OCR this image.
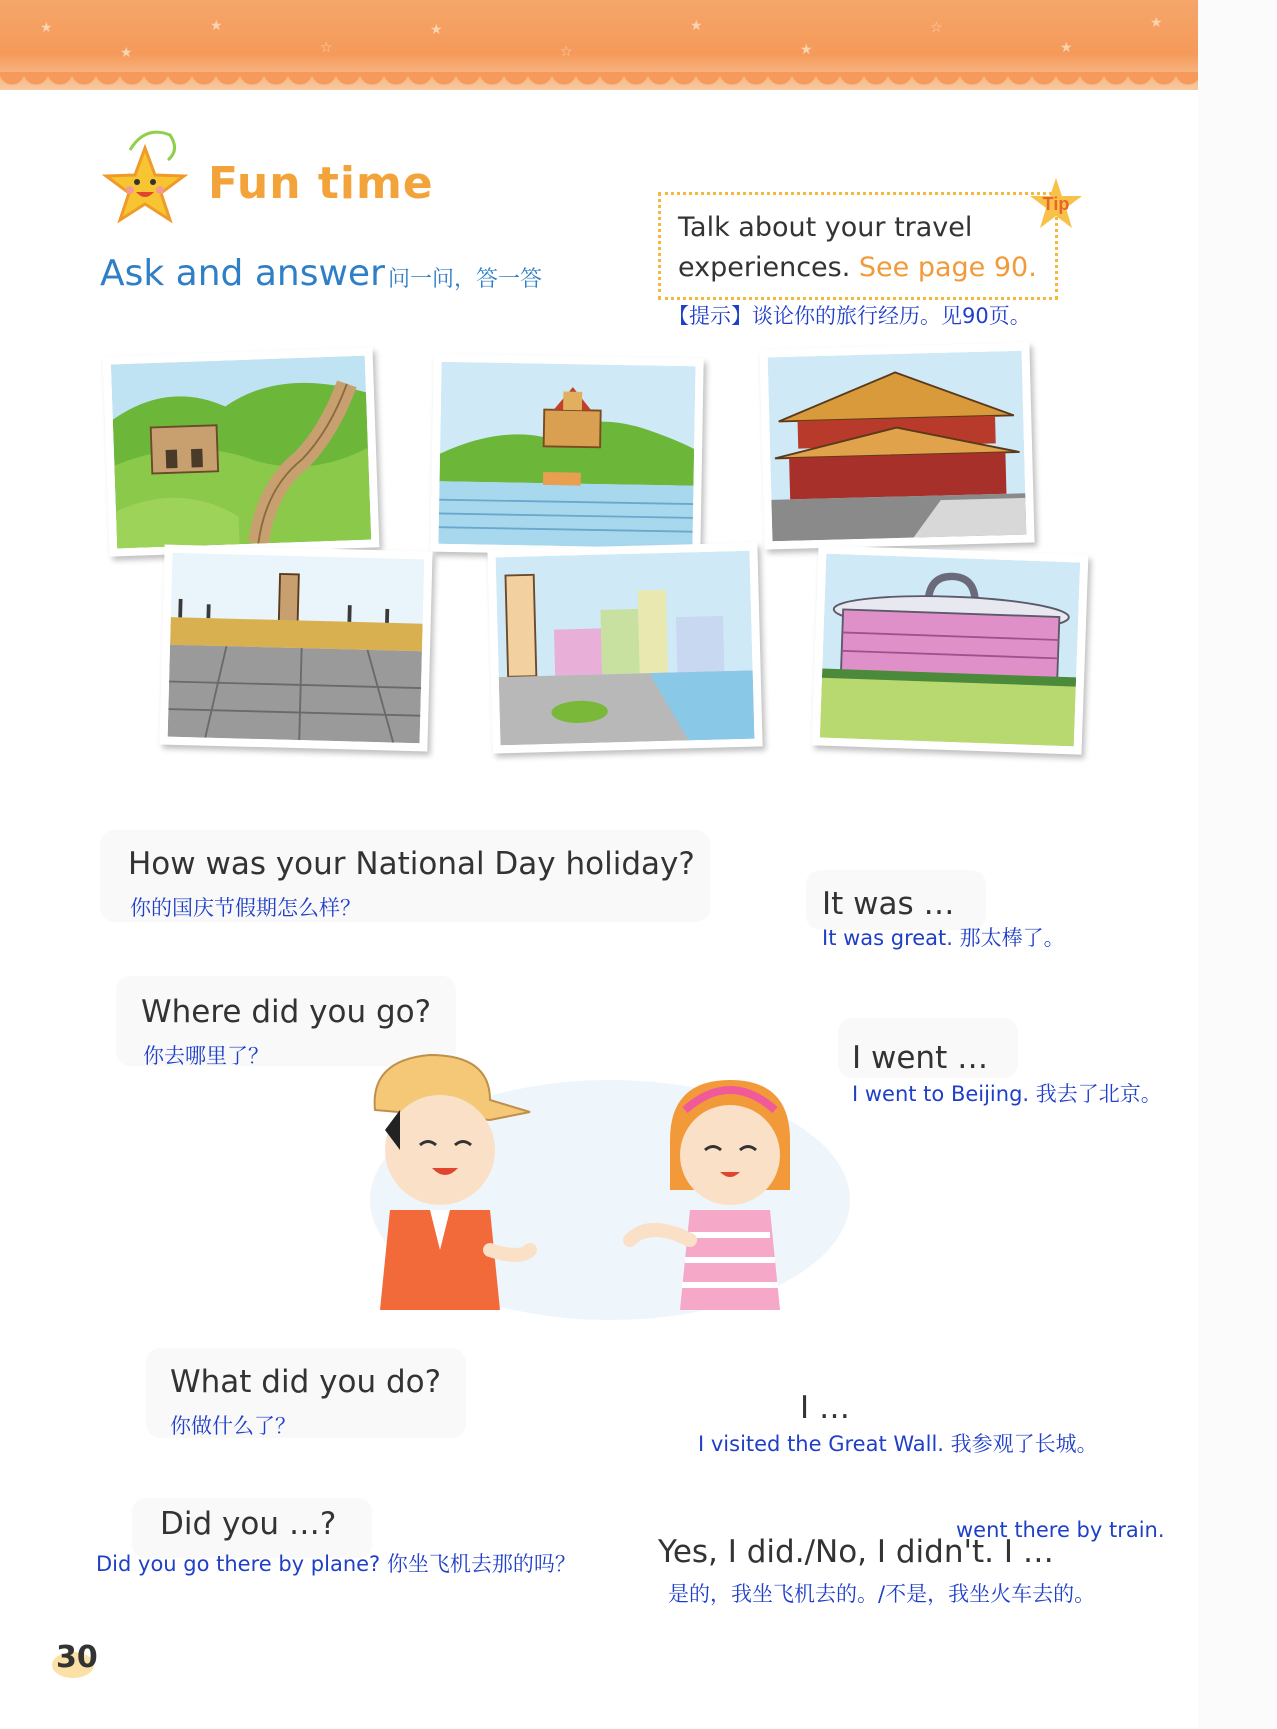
★
★
★
☆
★
☆
★
★
☆
★
★
Fun time
Ask and answer 问一问，答一答
Talk about your travel
experiences. See page 90.
Tip
【提示】谈论你的旅行经历。见90页。
How was your National Day holiday?
你的国庆节假期怎么样？	It was …
It was great. 那太棒了。
Where did you go?
你去哪里了？	I went …
I went to Beijing. 我去了北京。
What did you do?
你做什么了？	I …
I visited the Great Wall. 我参观了长城。
Did you …?
Did you go there by plane? 你坐飞机去那的吗？
went there by train.
Yes, I did./No, I didn't. I …
是的，我坐飞机去的。/不是，我坐火车去的。
30
